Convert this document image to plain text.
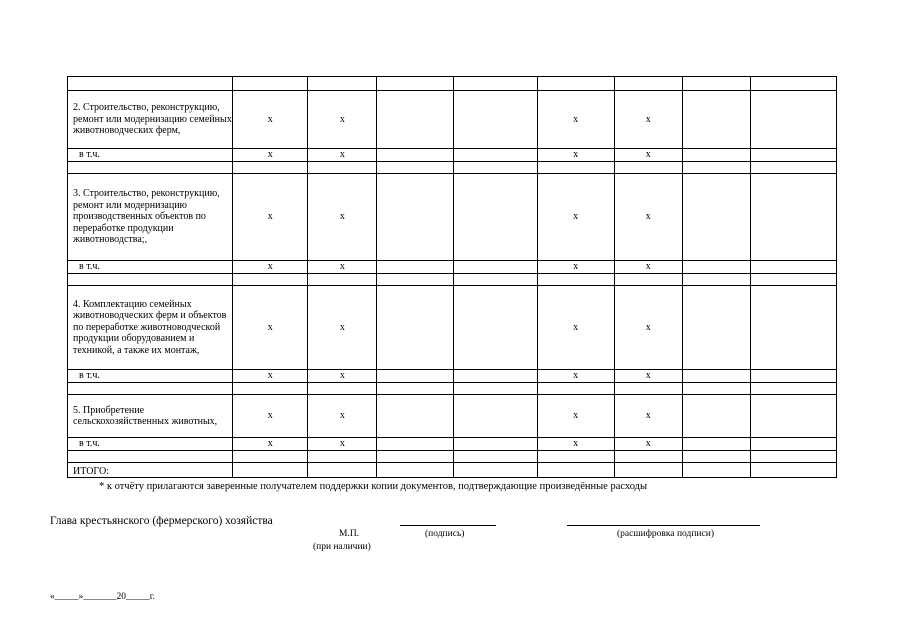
2. Строительство, реконструкцию, ремонт или модернизацию семейных животноводческих ферм,	х	х			х	х		
в т.ч.	х	х			х	х		

3. Строительство, реконструкцию, ремонт или модернизацию производственных объектов по переработке продукции животноводства;,	х	х			х	х		
в т.ч.	х	х			х	х		

4. Комплектацию семейных животноводческих ферм и объектов по переработке животноводческой продукции оборудованием и техникой, а также их монтаж,	х	х			х	х		
в т.ч.	х	х			х	х		

5. Приобретение сельскохозяйственных животных,	х	х			х	х		
в т.ч.	х	х			х	х		

ИТОГО:								
* к отчёту прилагаются заверенные получателем поддержки копии документов, подтверждающие произведённые расходы
Глава крестьянского (фермерского) хозяйства
М.П.	(подпись)	(расшифровка подписи)
(при наличии)
«_____»_______20_____г.
